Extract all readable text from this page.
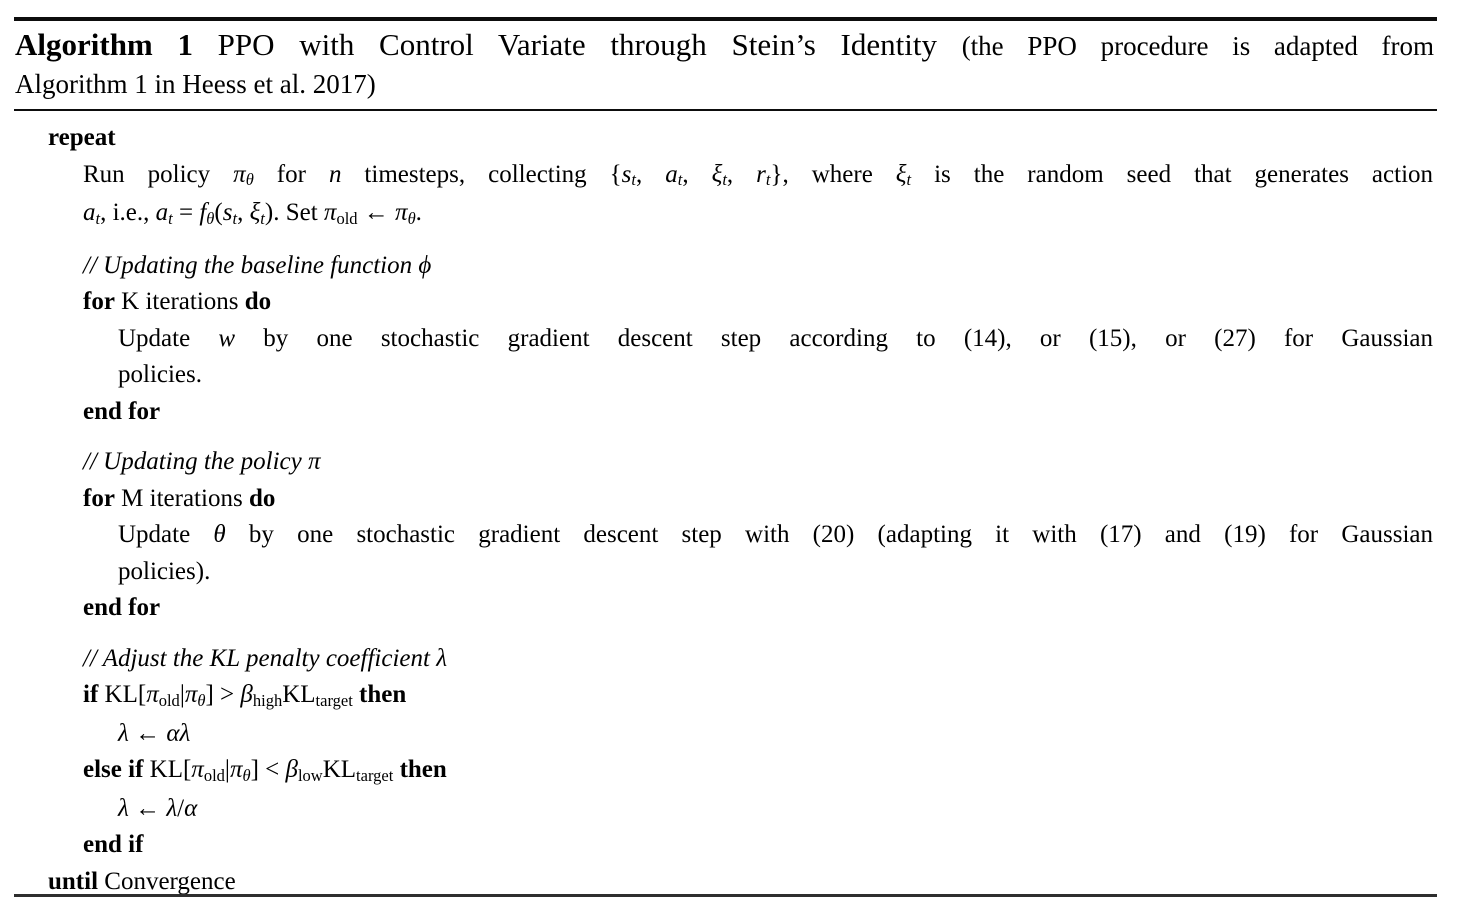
Algorithm 1 PPO with Control Variate through Stein’s Identity (the PPO procedure is adapted from
Algorithm 1 in Heess et al. 2017)
repeat
Run policy πθ for n timesteps, collecting {st, at, ξt, rt}, where ξt is the random seed that generates action
at, i.e., at = fθ(st, ξt). Set πold ← πθ.
// Updating the baseline function ϕ
for K iterations do
Update w by one stochastic gradient descent step according to (14), or (15), or (27) for Gaussian
policies.
end for
// Updating the policy π
for M iterations do
Update θ by one stochastic gradient descent step with (20) (adapting it with (17) and (19) for Gaussian
policies).
end for
// Adjust the KL penalty coefficient λ
if KL[πold|πθ] > βhighKLtarget then
λ ← αλ
else if KL[πold|πθ] < βlowKLtarget then
λ ← λ/α
end if
until Convergence
